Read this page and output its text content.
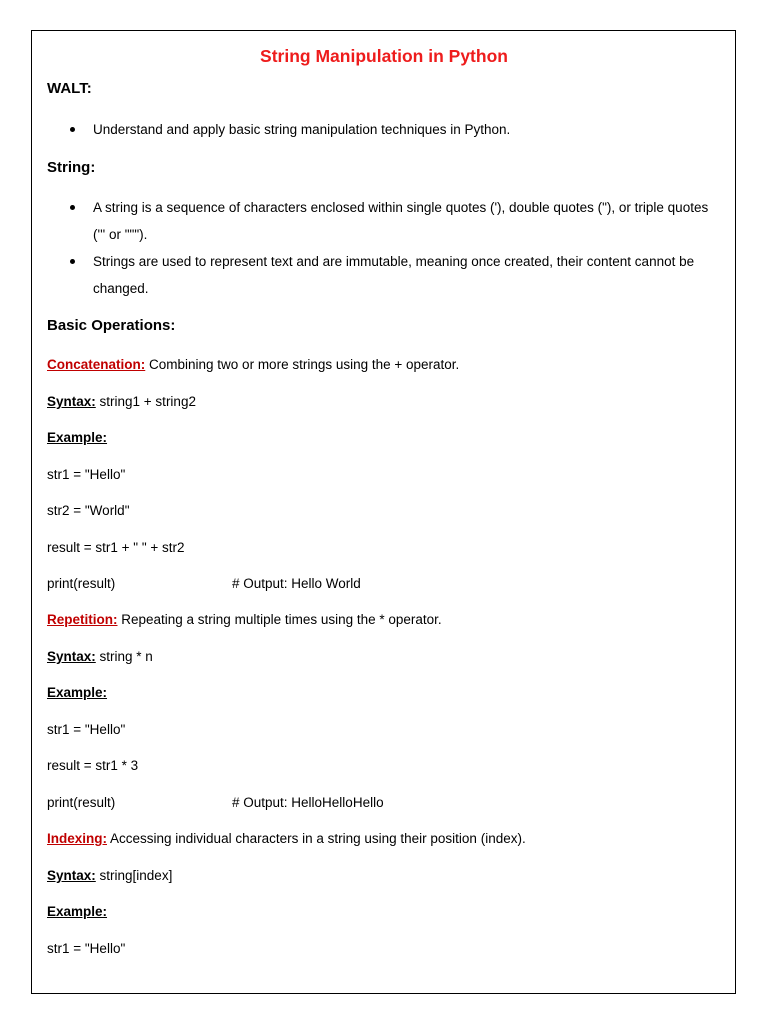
String Manipulation in Python
WALT:
Understand and apply basic string manipulation techniques in Python.
String:
A string is a sequence of characters enclosed within single quotes ('), double quotes ("), or triple quotes (''' or """).
Strings are used to represent text and are immutable, meaning once created, their content cannot be changed.
Basic Operations:
Concatenation: Combining two or more strings using the + operator.
Syntax: string1 + string2
Example:
str1 = "Hello"
str2 = "World"
result = str1 + " " + str2
print(result)	# Output: Hello World
Repetition: Repeating a string multiple times using the * operator.
Syntax: string * n
Example:
str1 = "Hello"
result = str1 * 3
print(result)	# Output: HelloHelloHello
Indexing: Accessing individual characters in a string using their position (index).
Syntax: string[index]
Example:
str1 = "Hello"
